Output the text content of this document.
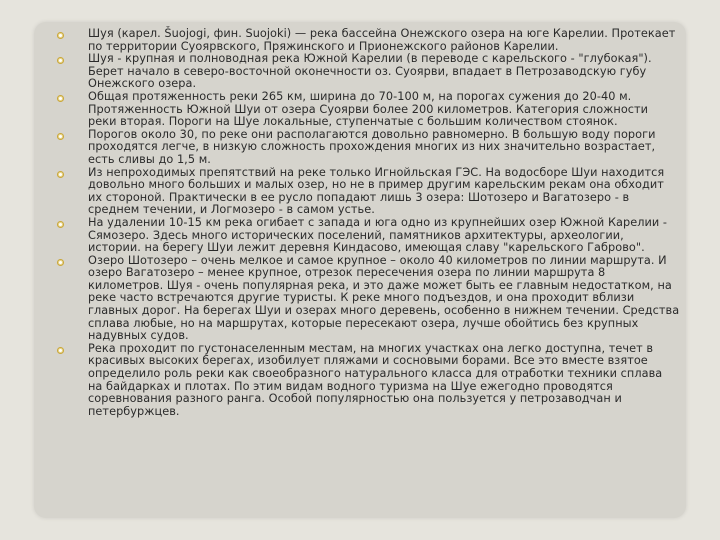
Шуя (карел. Šuojogi, фин. Suojoki) — река бассейна Онежского озера на юге Карелии. Протекает по территории Суоярвского, Пряжинского и Прионежского районов Карелии.
Шуя - крупная и полноводная река Южной Карелии (в переводе с карельского - "глубокая"). Берет начало в северо-восточной оконечности оз. Суоярви, впадает в Петрозаводскую губу Онежского озера.
Общая протяженность реки 265 км, ширина до 70-100 м, на порогах сужения до 20-40 м. Протяженность Южной Шуи от озера Суоярви более 200 километров. Категория сложности реки вторая. Пороги на Шуе локальные, ступенчатые с большим количеством стоянок.
Порогов около 30, по реке они располагаются довольно равномерно. В большую воду пороги проходятся легче, в низкую сложность прохождения многих из них значительно возрастает, есть сливы до 1,5 м.
Из непроходимых препятствий на реке только Игнойльская ГЭС. На водосборе Шуи находится довольно много больших и малых озер, но не в пример другим карельским рекам она обходит их стороной. Практически в ее русло попадают лишь 3 озера: Шотозеро и Вагатозеро - в среднем течении, и Логмозеро - в самом устье.
На удалении 10-15 км река огибает с запада и юга одно из крупнейших озер Южной Карелии - Сямозеро. Здесь много исторических поселений, памятников архитектуры, археологии, истории. на берегу Шуи лежит деревня Киндасово, имеющая славу "карельского Габрово".
Озеро Шотозеро – очень мелкое и самое крупное – около 40 километров по линии маршрута. И озеро Вагатозеро – менее крупное, отрезок пересечения озера по линии маршрута 8 километров. Шуя - очень популярная река, и это даже может быть ее главным недостатком, на реке часто встречаются другие туристы. К реке много подъездов, и она проходит вблизи главных дорог. На берегах Шуи и озерах много деревень, особенно в нижнем течении. Средства сплава любые, но на маршрутах, которые пересекают озера, лучше обойтись без крупных надувных судов.
Река проходит по густонаселенным местам, на многих участках она легко доступна, течет в красивых высоких берегах, изобилует пляжами и сосновыми борами. Все это вместе взятое определило роль реки как своеобразного натурального класса для отработки техники сплава на байдарках и плотах. По этим видам водного туризма на Шуе ежегодно проводятся соревнования разного ранга. Особой популярностью она пользуется у петрозаводчан и петербуржцев.
